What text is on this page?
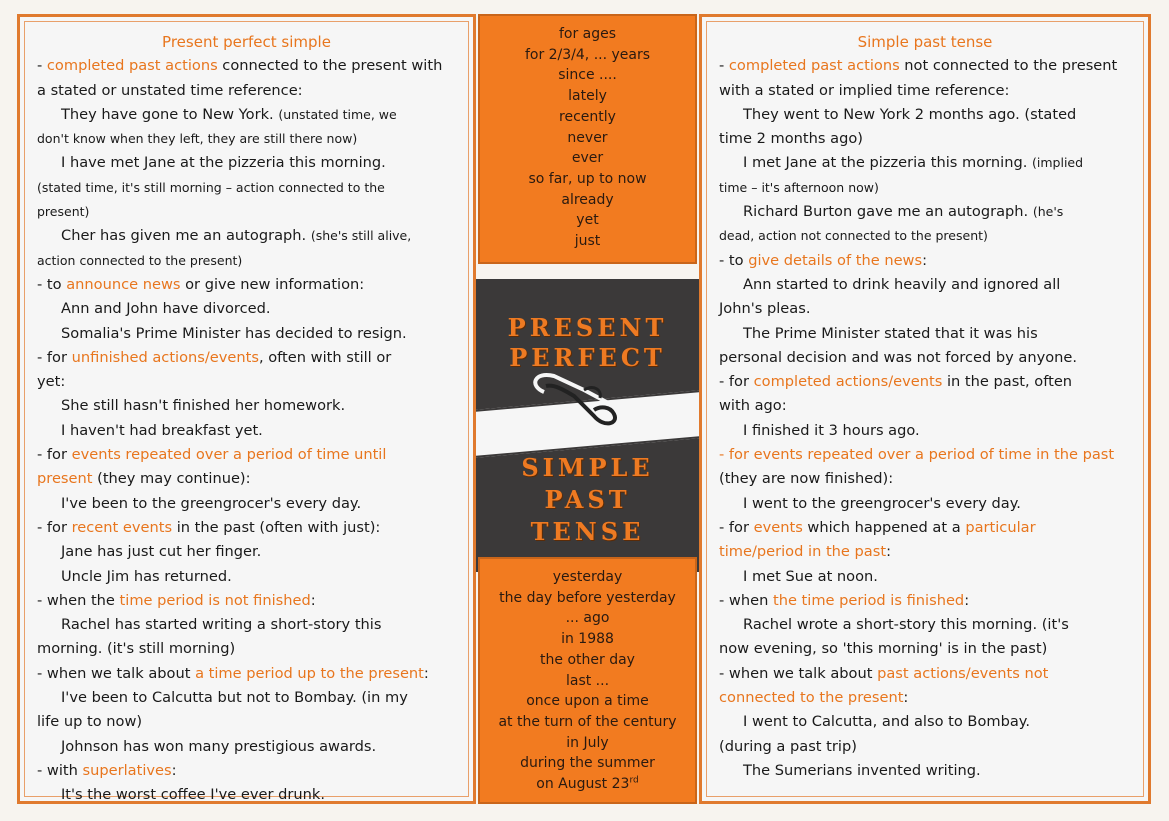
Present perfect simple
- completed past actions connected to the present with
a stated or unstated time reference:
They have gone to New York. (unstated time, we
don't know when they left, they are still there now)
I have met Jane at the pizzeria this morning.
(stated time, it's still morning – action connected to the
present)
Cher has given me an autograph. (she's still alive,
action connected to the present)
- to announce news or give new information:
Ann and John have divorced.
Somalia's Prime Minister has decided to resign.
- for unfinished actions/events, often with still or
yet:
She still hasn't finished her homework.
I haven't had breakfast yet.
- for events repeated over a period of time until
present (they may continue):
I've been to the greengrocer's every day.
- for recent events in the past (often with just):
Jane has just cut her finger.
Uncle Jim has returned.
- when the time period is not finished:
Rachel has started writing a short-story this
morning. (it's still morning)
- when we talk about a time period up to the present:
I've been to Calcutta but not to Bombay. (in my
life up to now)
Johnson has won many prestigious awards.
- with superlatives:
It's the worst coffee I've ever drunk.
for ages
for 2/3/4, ... years
since ....
lately
recently
never
ever
so far, up to now
already
yet
just
PRESENT
PERFECT
SIMPLE
PAST
TENSE
yesterday
the day before yesterday
... ago
in 1988
the other day
last ...
once upon a time
at the turn of the century
in July
during the summer
on August 23rd
Simple past tense
- completed past actions not connected to the present
with a stated or implied time reference:
They went to New York 2 months ago. (stated
time 2 months ago)
I met Jane at the pizzeria this morning. (implied
time – it's afternoon now)
Richard Burton gave me an autograph. (he's
dead, action not connected to the present)
- to give details of the news:
Ann started to drink heavily and ignored all
John's pleas.
The Prime Minister stated that it was his
personal decision and was not forced by anyone.
- for completed actions/events in the past, often
with ago:
I finished it 3 hours ago.
- for events repeated over a period of time in the past
(they are now finished):
I went to the greengrocer's every day.
- for events which happened at a particular
time/period in the past:
I met Sue at noon.
- when the time period is finished:
Rachel wrote a short-story this morning. (it's
now evening, so 'this morning' is in the past)
- when we talk about past actions/events not
connected to the present:
I went to Calcutta, and also to Bombay.
(during a past trip)
The Sumerians invented writing.
